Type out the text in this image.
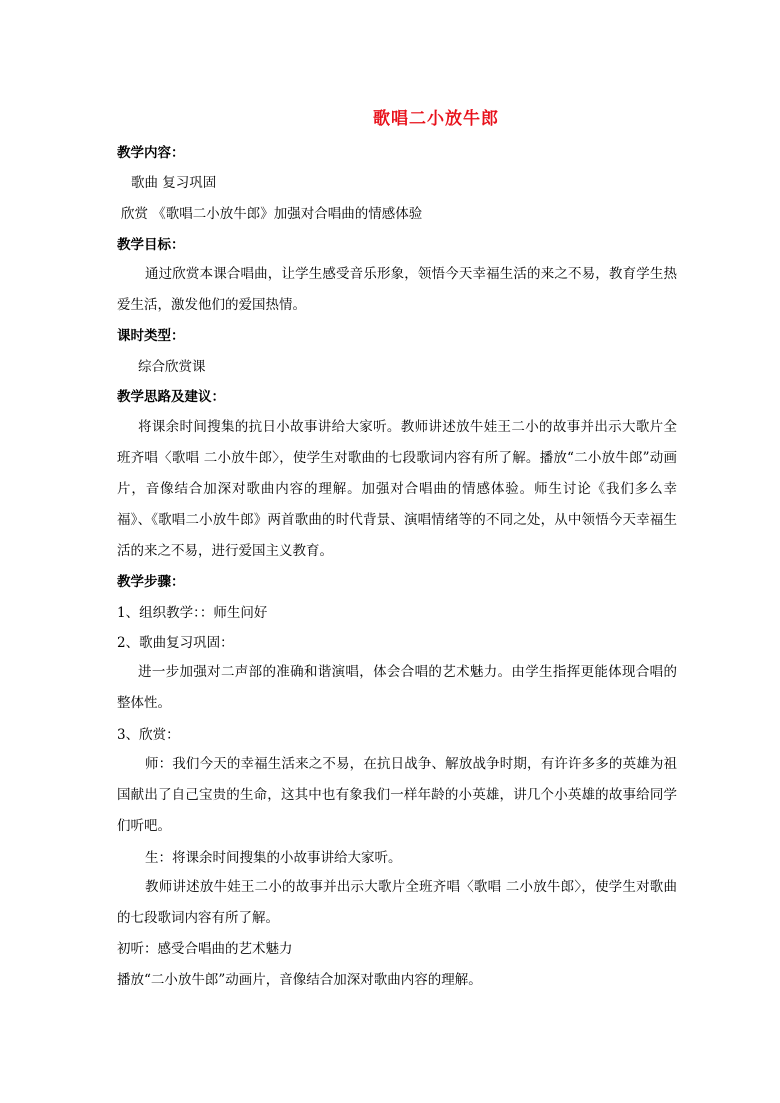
歌唱二小放牛郎
教学内容：
歌曲 复习巩固
欣赏 《歌唱二小放牛郎》加强对合唱曲的情感体验
教学目标：
通过欣赏本课合唱曲，让学生感受音乐形象，领悟今天幸福生活的来之不易，教育学生热爱生活，激发他们的爱国热情。
课时类型：
综合欣赏课
教学思路及建议：
将课余时间搜集的抗日小故事讲给大家听。教师讲述放牛娃王二小的故事并出示大歌片全班齐唱〈歌唱 二小放牛郎〉，使学生对歌曲的七段歌词内容有所了解。播放“二小放牛郎”动画片，音像结合加深对歌曲内容的理解。加强对合唱曲的情感体验。师生讨论《我们多么幸福》、《歌唱二小放牛郎》两首歌曲的时代背景、演唱情绪等的不同之处，从中领悟今天幸福生活的来之不易，进行爱国主义教育。
教学步骤：
1、组织教学：：师生问好
2、歌曲复习巩固：
进一步加强对二声部的准确和谐演唱，体会合唱的艺术魅力。由学生指挥更能体现合唱的整体性。
3、欣赏：
师：我们今天的幸福生活来之不易，在抗日战争、解放战争时期，有许许多多的英雄为祖国献出了自己宝贵的生命，这其中也有象我们一样年龄的小英雄，讲几个小英雄的故事给同学们听吧。
生：将课余时间搜集的小故事讲给大家听。
教师讲述放牛娃王二小的故事并出示大歌片全班齐唱〈歌唱 二小放牛郎〉，使学生对歌曲的七段歌词内容有所了解。
初听：感受合唱曲的艺术魅力
播放“二小放牛郎”动画片，音像结合加深对歌曲内容的理解。
